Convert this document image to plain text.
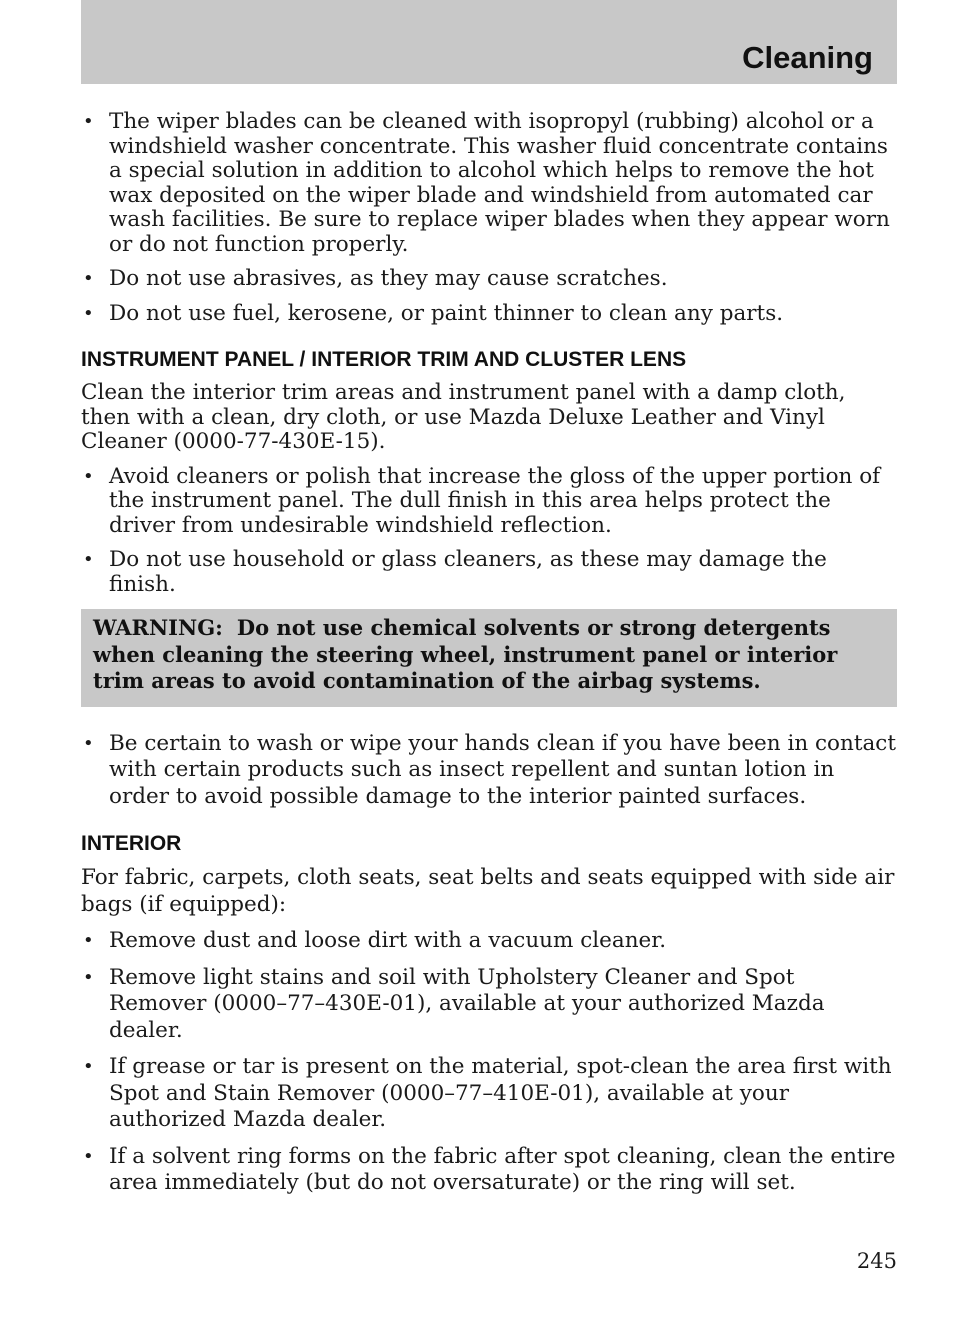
Cleaning
• The wiper blades can be cleaned with isopropyl (rubbing) alcohol or a windshield washer concentrate. This washer fluid concentrate contains a special solution in addition to alcohol which helps to remove the hot wax deposited on the wiper blade and windshield from automated car wash facilities. Be sure to replace wiper blades when they appear worn or do not function properly.
• Do not use abrasives, as they may cause scratches.
• Do not use fuel, kerosene, or paint thinner to clean any parts.
INSTRUMENT PANEL / INTERIOR TRIM AND CLUSTER LENS

Clean the interior trim areas and instrument panel with a damp cloth, then with a clean, dry cloth, or use Mazda Deluxe Leather and Vinyl Cleaner (0000-77-430E-15).

• Avoid cleaners or polish that increase the gloss of the upper portion of the instrument panel. The dull finish in this area helps protect the driver from undesirable windshield reflection.
• Do not use household or glass cleaners, as these may damage the finish.
WARNING: Do not use chemical solvents or strong detergents when cleaning the steering wheel, instrument panel or interior trim areas to avoid contamination of the airbag systems.
• Be certain to wash or wipe your hands clean if you have been in contact with certain products such as insect repellent and suntan lotion in order to avoid possible damage to the interior painted surfaces.
INTERIOR

For fabric, carpets, cloth seats, seat belts and seats equipped with side air bags (if equipped):

• Remove dust and loose dirt with a vacuum cleaner.
• Remove light stains and soil with Upholstery Cleaner and Spot Remover (0000–77–430E-01), available at your authorized Mazda dealer.
• If grease or tar is present on the material, spot-clean the area first with Spot and Stain Remover (0000–77–410E-01), available at your authorized Mazda dealer.
• If a solvent ring forms on the fabric after spot cleaning, clean the entire area immediately (but do not oversaturate) or the ring will set.
245
